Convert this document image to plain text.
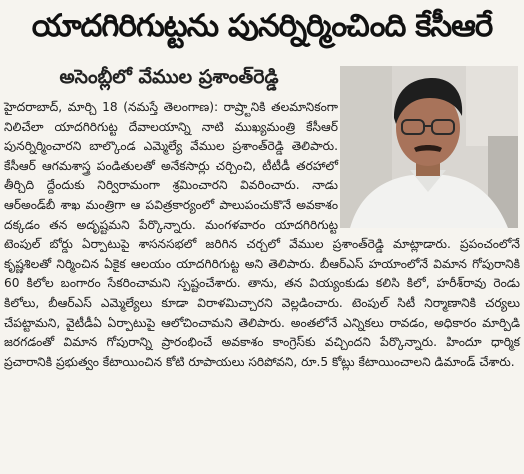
యాదగిరిగుట్టను పునర్నిర్మించింది కేసీఆరే
అసెంబ్లీలో వేముల ప్రశాంత్‌రెడ్డి
హైదరాబాద్, మార్చి 18 (నమస్తే తెలంగాణ): రాష్ర్టానికి తలమానికంగా నిలిచేలా యాదగిరిగుట్ట దేవాలయాన్ని నాటి ముఖ్యమంత్రి కేసీఆర్ పునర్నిర్మించారని బాల్కొండ ఎమ్మెల్యే వేముల ప్రశాంత్‌రెడ్డి తెలిపారు. కేసీఆర్ ఆగమశాస్త్ర పండితులతో అనేకసార్లు చర్చించి, టీటీడీ తరహాలో తీర్చిది ద్దేందుకు నిర్విరామంగా శ్రమించారని వివరించారు. నాడు ఆర్‌అండ్‌బీ శాఖ మంత్రిగా ఆ పవిత్రకార్యంలో పాలుపంచుకొనే అవకాశం దక్కడం తన అదృష్టమని పేర్కొన్నారు. మంగళవారం యాదగిరిగుట్ట టెంపుల్ బోర్డు ఏర్పాటుపై శాసనసభలో జరిగిన చర్చలో వేముల ప్రశాంత్‌రెడ్డి మాట్లాడారు. ప్రపంచంలోనే కృష్ణశిలతో నిర్మించిన ఏకైక ఆలయం యాదగిరిగుట్ట అని తెలిపారు. బీఆర్‌ఎస్ హయాంలోనే విమాన గోపురానికి 60 కిలోల బంగారం సేకరించామని స్పష్టంచేశారు. తాను, తన వియ్యంకుడు కలిసి కిలో, హరీశ్‌రావు రెండు కిలోలు, బీఆర్‌ఎస్ ఎమ్మెల్యేలు కూడా విరాళమిచ్చారని వెల్లడించారు. టెంపుల్ సిటీ నిర్మాణానికి చర్యలు చేపట్టామని, వైటీడీఏ ఏర్పాటుపై ఆలోచించామని తెలిపారు. అంతలోనే ఎన్నికలు రావడం, అధికారం మార్పిడి జరగడంతో విమాన గోపురాన్ని ప్రారంభించే అవకాశం కాంగ్రెస్‌కు వచ్చిందని పేర్కొన్నారు. హిందూ ధార్మిక ప్రచారానికి ప్రభుత్వం కేటాయించిన కోటి రూపాయలు సరిపోవని, రూ.5 కోట్లు కేటాయించాలని డిమాండ్ చేశారు.
